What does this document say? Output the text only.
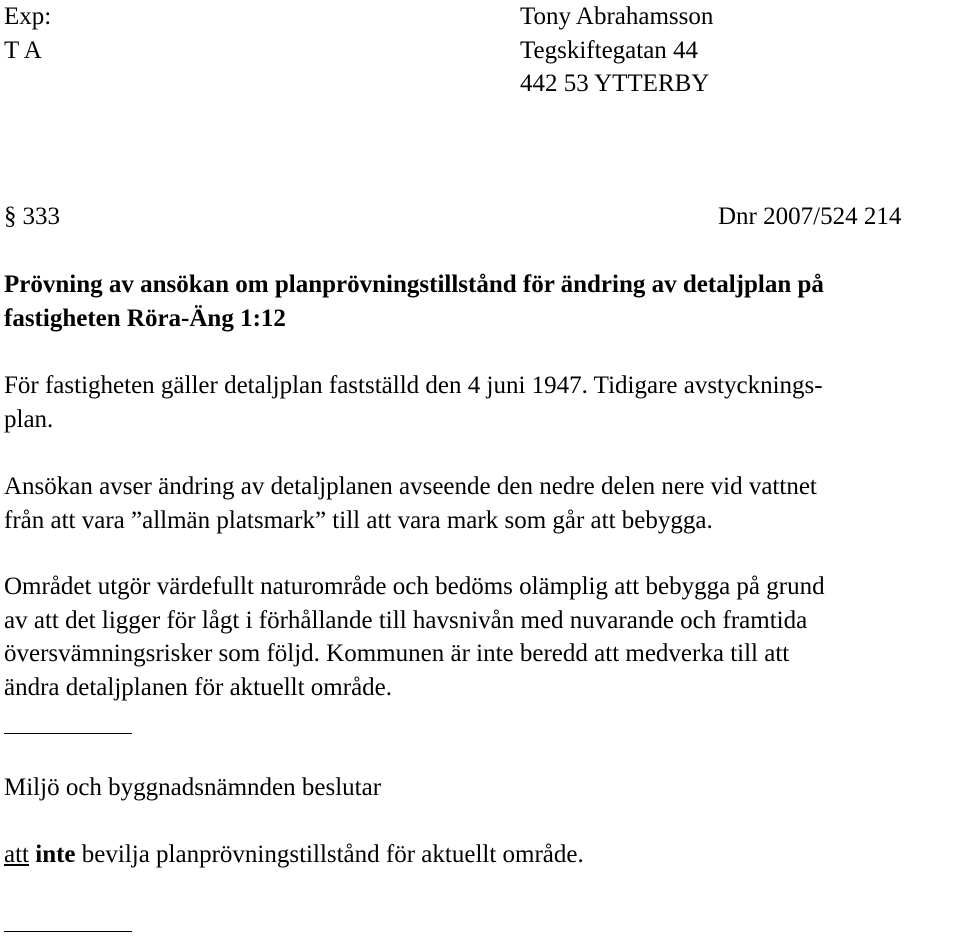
Exp:
T A
Tony Abrahamsson
Tegskiftegatan 44
442 53 YTTERBY
§ 333	Dnr 2007/524 214
Prövning av ansökan om planprövningstillstånd för ändring av detaljplan på
fastigheten Röra-Äng 1:12
För fastigheten gäller detaljplan fastställd den 4 juni 1947. Tidigare avstycknings-
plan.
Ansökan avser ändring av detaljplanen avseende den nedre delen nere vid vattnet
från att vara ”allmän platsmark” till att vara mark som går att bebygga.
Området utgör värdefullt naturområde och bedöms olämplig att bebygga på grund
av att det ligger för lågt i förhållande till havsnivån med nuvarande och framtida
översvämningsrisker som följd. Kommunen är inte beredd att medverka till att
ändra detaljplanen för aktuellt område.
Miljö och byggnadsnämnden beslutar
att inte bevilja planprövningstillstånd för aktuellt område.
